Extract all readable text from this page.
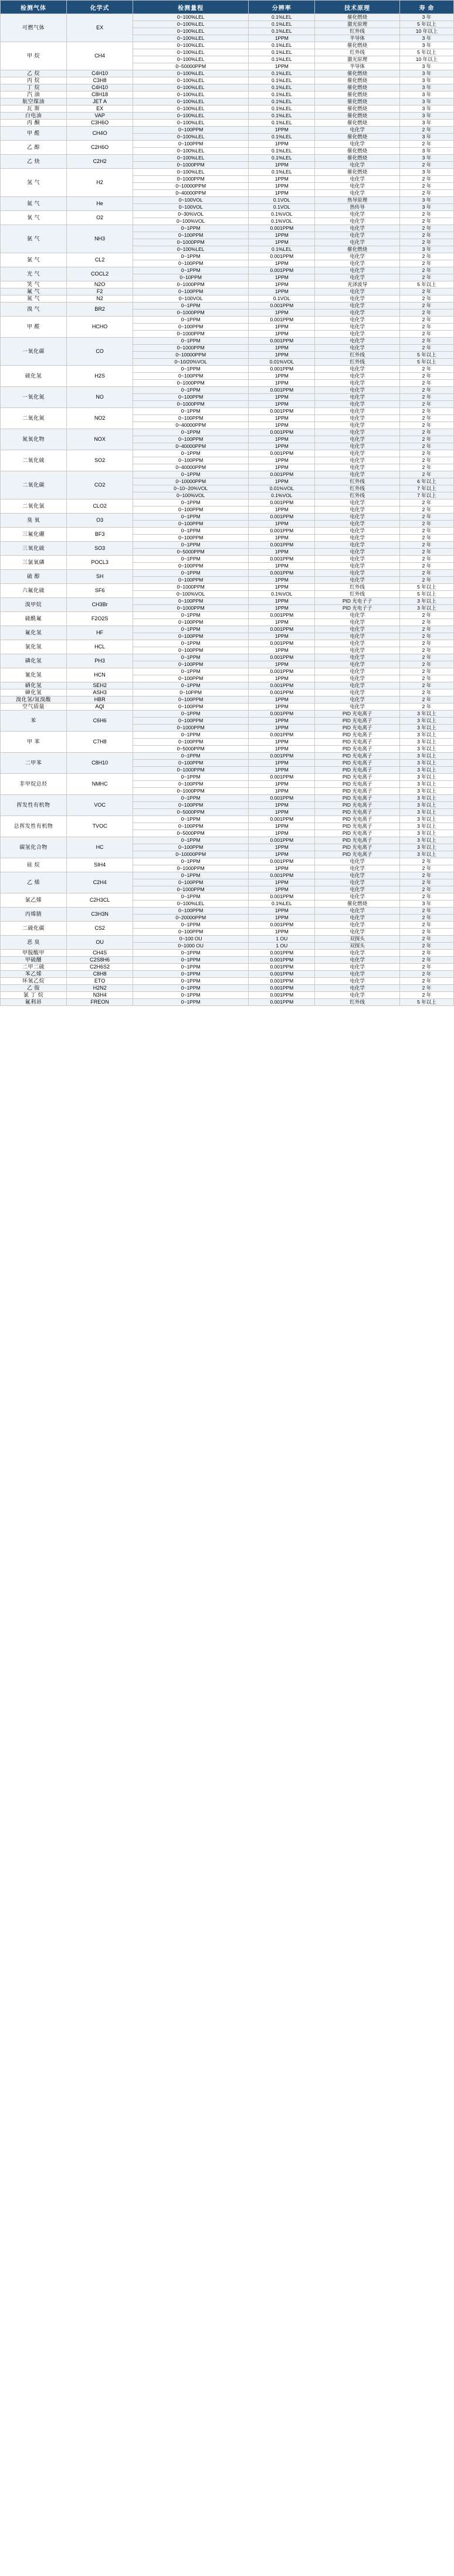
检测气体	化学式	检测量程	分辨率	技术原理	寿 命
可燃气体	EX	0~100%LEL	0.1%LEL	催化燃烧	3 年
		0~100%LEL	0.1%LEL	激光原理	5 年以上
		0~100%LEL	0.1%LEL	红外线	10 年以上
		0~100%LEL	1PPM	半导体	3 年
甲 烷	CH4	0~100%LEL	0.1%LEL	催化燃烧	3 年
		0~100%LEL	0.1%LEL	红外线	5 年以上
		0~100%LEL	0.1%LEL	激光原理	10 年以上
		0~50000PPM	1PPM	半导体	3 年
乙 烷	C4H10	0~100%LEL	0.1%LEL	催化燃烧	3 年
丙 烷	C3H8	0~100%LEL	0.1%LEL	催化燃烧	3 年
丁 烷	C4H10	0~100%LEL	0.1%LEL	催化燃烧	3 年
汽 油	C8H18	0~100%LEL	0.1%LEL	催化燃烧	3 年
航空煤油	JET A	0~100%LEL	0.1%LEL	催化燃烧	3 年
瓦 斯	EX	0~100%LEL	0.1%LEL	催化燃烧	3 年
白电油	VAP	0~100%LEL	0.1%LEL	催化燃烧	3 年
丙 酮	C3H6O	0~100%LEL	0.1%LEL	催化燃烧	3 年
甲 醛	CH4O	0~100PPM	1PPM	电化学	2 年
		0~100%LEL	0.1%LEL	催化燃烧	3 年
乙 醇	C2H6O	0~100PPM	1PPM	电化学	2 年
		0~100%LEL	0.1%LEL	催化燃烧	3 年
乙 炔	C2H2	0~100%LEL	0.1%LEL	催化燃烧	3 年
		0~1000PPM	1PPM	电化学	2 年
氢 气	H2	0~100%LEL	0.1%LEL	催化燃烧	3 年
		0~1000PPM	1PPM	电化学	2 年
		0~10000PPM	1PPM	电化学	2 年
		0~40000PPM	1PPM	电化学	2 年
氦 气	He	0~100VOL	0.1VOL	热导原理	3 年
		0~100VOL	0.1VOL	热传导	3 年
氧 气	O2	0~30%VOL	0.1%VOL	电化学	2 年
		0~100%VOL	0.1%VOL	电化学	2 年
氨 气	NH3	0~1PPM	0.001PPM	电化学	2 年
		0~100PPM	1PPM	电化学	2 年
		0~1000PPM	1PPM	电化学	2 年
		0~100%LEL	0.1%LEL	催化燃烧	3 年
氯 气	CL2	0~1PPM	0.001PPM	电化学	2 年
		0~100PPM	1PPM	电化学	2 年
光 气	COCL2	0~1PPM	0.001PPM	电化学	2 年
		0~10PPM	1PPM	电化学	2 年
笑 气	N2O	0~1000PPM	1PPM	光泽波导	5 年以上
氟 气	F2	0~100PPM	1PPM	电化学	2 年
氮 气	N2	0~100VOL	0.1VOL	电化学	2 年
溴 气	BR2	0~1PPM	0.001PPM	电化学	2 年
		0~1000PPM	1PPM	电化学	2 年
甲 醛	HCHO	0~1PPM	0.001PPM	电化学	2 年
		0~100PPM	1PPM	电化学	2 年
		0~1000PPM	1PPM	电化学	2 年
一氧化碳	CO	0~1PPM	0.001PPM	电化学	2 年
		0~1000PPM	1PPM	电化学	2 年
		0~10000PPM	1PPM	红外线	5 年以上
		0~10/20%VOL	0.01%VOL	红外线	5 年以上
硫化氢	H2S	0~1PPM	0.001PPM	电化学	2 年
		0~100PPM	1PPM	电化学	2 年
		0~1000PPM	1PPM	电化学	2 年
一氧化氮	NO	0~1PPM	0.001PPM	电化学	2 年
		0~100PPM	1PPM	电化学	2 年
		0~1000PPM	1PPM	电化学	2 年
二氧化氮	NO2	0~1PPM	0.001PPM	电化学	2 年
		0~100PPM	1PPM	电化学	2 年
		0~40000PPM	1PPM	电化学	2 年
氮氧化物	NOX	0~1PPM	0.001PPM	电化学	2 年
		0~100PPM	1PPM	电化学	2 年
		0~40000PPM	1PPM	电化学	2 年
二氧化硫	SO2	0~1PPM	0.001PPM	电化学	2 年
		0~100PPM	1PPM	电化学	2 年
		0~40000PPM	1PPM	电化学	2 年
二氧化碳	CO2	0~1PPM	0.001PPM	电化学	2 年
		0~10000PPM	1PPM	红外线	6 年以上
		0~10~20%VOL	0.01%VOL	红外线	7 年以上
		0~100%VOL	0.1%VOL	红外线	7 年以上
二氧化氯	CLO2	0~1PPM	0.001PPM	电化学	2 年
		0~100PPM	1PPM	电化学	2 年
臭 氧	O3	0~1PPM	0.001PPM	电化学	2 年
		0~100PPM	1PPM	电化学	2 年
三氟化硼	BF3	0~1PPM	0.001PPM	电化学	2 年
		0~100PPM	1PPM	电化学	2 年
三氧化硫	SO3	0~1PPM	0.001PPM	电化学	2 年
		0~5000PPM	1PPM	电化学	2 年
三氯氧磷	POCL3	0~1PPM	0.001PPM	电化学	2 年
		0~100PPM	1PPM	电化学	2 年
硫 醇	SH	0~1PPM	0.001PPM	电化学	2 年
		0~100PPM	1PPM	电化学	2 年
六氟化硫	SF6	0~1000PPM	1PPM	红外线	5 年以上
		0~100%VOL	0.1%VOL	红外线	5 年以上
溴甲烷	CH3Br	0~100PPM	1PPM	PID 光电子子	3 年以上
		0~1000PPM	1PPM	PID 光电子子	3 年以上
硫酰氟	F2O2S	0~1PPM	0.001PPM	电化学	2 年
		0~100PPM	1PPM	电化学	2 年
氟化氢	HF	0~1PPM	0.001PPM	电化学	2 年
		0~100PPM	1PPM	电化学	2 年
氯化氢	HCL	0~1PPM	0.001PPM	电化学	2 年
		0~100PPM	1PPM	电化学	2 年
磷化氢	PH3	0~1PPM	0.001PPM	电化学	2 年
		0~100PPM	1PPM	电化学	2 年
氰化氢	HCN	0~1PPM	0.001PPM	电化学	2 年
		0~100PPM	1PPM	电化学	2 年
硒化氢	SEH2	0~1PPM	0.001PPM	电化学	2 年
砷化氢	ASH3	0~10PPM	0.001PPM	电化学	2 年
溴化氢/氢溴酸	HBR	0~100PPM	1PPM	电化学	2 年
空气质量	AQI	0~100PPM	1PPM	电化学	2 年
苯	C6H6	0~1PPM	0.001PPM	PID 光电离子	3 年以上
		0~100PPM	1PPM	PID 光电离子	3 年以上
		0~1000PPM	1PPM	PID 光电离子	3 年以上
甲 苯	C7H8	0~1PPM	0.001PPM	PID 光电离子	3 年以上
		0~100PPM	1PPM	PID 光电离子	3 年以上
		0~5000PPM	1PPM	PID 光电离子	3 年以上
二甲苯	C8H10	0~1PPM	0.001PPM	PID 光电离子	3 年以上
		0~100PPM	1PPM	PID 光电离子	3 年以上
		0~1000PPM	1PPM	PID 光电离子	3 年以上
非甲烷总烃	NMHC	0~1PPM	0.001PPM	PID 光电离子	3 年以上
		0~100PPM	1PPM	PID 光电离子	3 年以上
		0~1000PPM	1PPM	PID 光电离子	3 年以上
挥发性有机物	VOC	0~1PPM	0.001PPM	PID 光电离子	3 年以上
		0~100PPM	1PPM	PID 光电离子	3 年以上
		0~5000PPM	1PPM	PID 光电离子	3 年以上
总挥发性有机物	TVOC	0~1PPM	0.001PPM	PID 光电离子	3 年以上
		0~100PPM	1PPM	PID 光电离子	3 年以上
		0~5000PPM	1PPM	PID 光电离子	3 年以上
碳氢化合物	HC	0~1PPM	0.001PPM	PID 光电离子	3 年以上
		0~100PPM	1PPM	PID 光电离子	3 年以上
		0~10000PPM	1PPM	PID 光电离子	3 年以上
硅 烷	SIH4	0~1PPM	0.001PPM	电化学	2 年
		0~1000PPM	1PPM	电化学	2 年
乙 烯	C2H4	0~1PPM	0.001PPM	电化学	2 年
		0~100PPM	1PPM	电化学	2 年
		0~1000PPM	1PPM	电化学	2 年
氯乙烯	C2H3CL	0~1PPM	0.001PPM	电化学	2 年
		0~100%LEL	0.1%LEL	催化燃烧	3 年
丙烯腈	C3H3N	0~100PPM	1PPM	电化学	2 年
		0~20000PPM	1PPM	电化学	2 年
二硫化碳	CS2	0~1PPM	0.001PPM	电化学	2 年
		0~100PPM	1PPM	电化学	2 年
恶 臭	OU	0~100 OU	1 OU	双探头	2 年
		0~1000 OU	1 OU	双探头	2 年
甲胺酸甲	CH4S	0~1PPM	0.001PPM	电化学	2 年
甲硫醚	C2S8H6	0~1PPM	0.001PPM	电化学	2 年
二甲二硫	C2H6S2	0~1PPM	0.001PPM	电化学	2 年
苯乙烯	C8H8	0~1PPM	0.001PPM	电化学	2 年
环氧乙烷	ETO	0~1PPM	0.001PPM	电化学	2 年
乙 胺	H2N2	0~1PPM	0.001PPM	电化学	2 年
氯 丁 烷	N3H4	0~1PPM	0.001PPM	电化学	2 年
氟利昂	FREON	0~1PPM	0.001PPM	红外线	5 年以上
